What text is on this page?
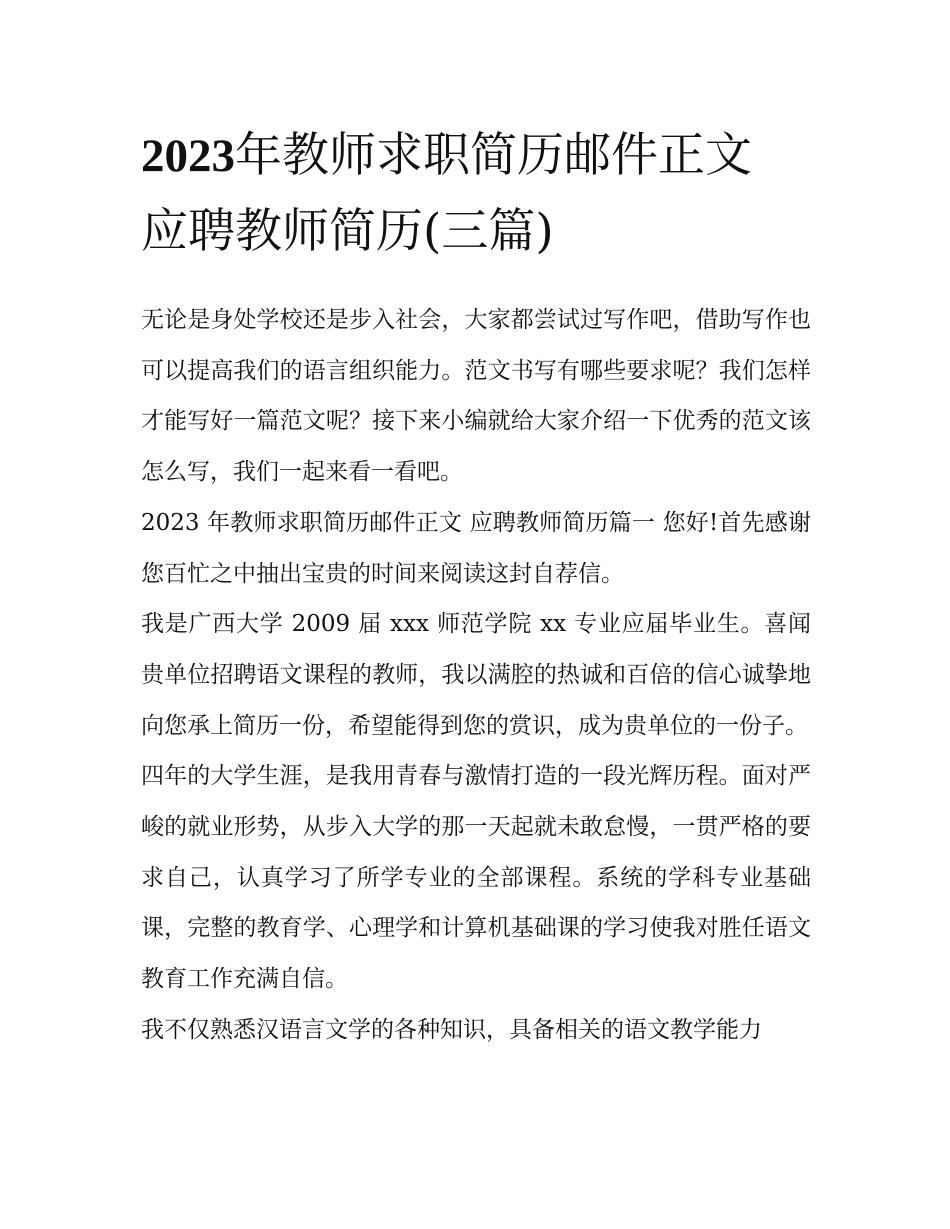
2023年教师求职简历邮件正文
应聘教师简历(三篇)

无论是身处学校还是步入社会，大家都尝试过写作吧，借助写作也可以提高我们的语言组织能力。范文书写有哪些要求呢？我们怎样才能写好一篇范文呢？接下来小编就给大家介绍一下优秀的范文该怎么写，我们一起来看一看吧。

2023 年教师求职简历邮件正文 应聘教师简历篇一 您好!首先感谢您百忙之中抽出宝贵的时间来阅读这封自荐信。

我是广西大学 2009 届 xxx 师范学院 xx 专业应届毕业生。喜闻贵单位招聘语文课程的教师，我以满腔的热诚和百倍的信心诚挚地向您承上简历一份，希望能得到您的赏识，成为贵单位的一份子。

四年的大学生涯，是我用青春与激情打造的一段光辉历程。面对严峻的就业形势，从步入大学的那一天起就未敢怠慢，一贯严格的要求自己，认真学习了所学专业的全部课程。系统的学科专业基础课，完整的教育学、心理学和计算机基础课的学习使我对胜任语文教育工作充满自信。

我不仅熟悉汉语言文学的各种知识，具备相关的语文教学能力
